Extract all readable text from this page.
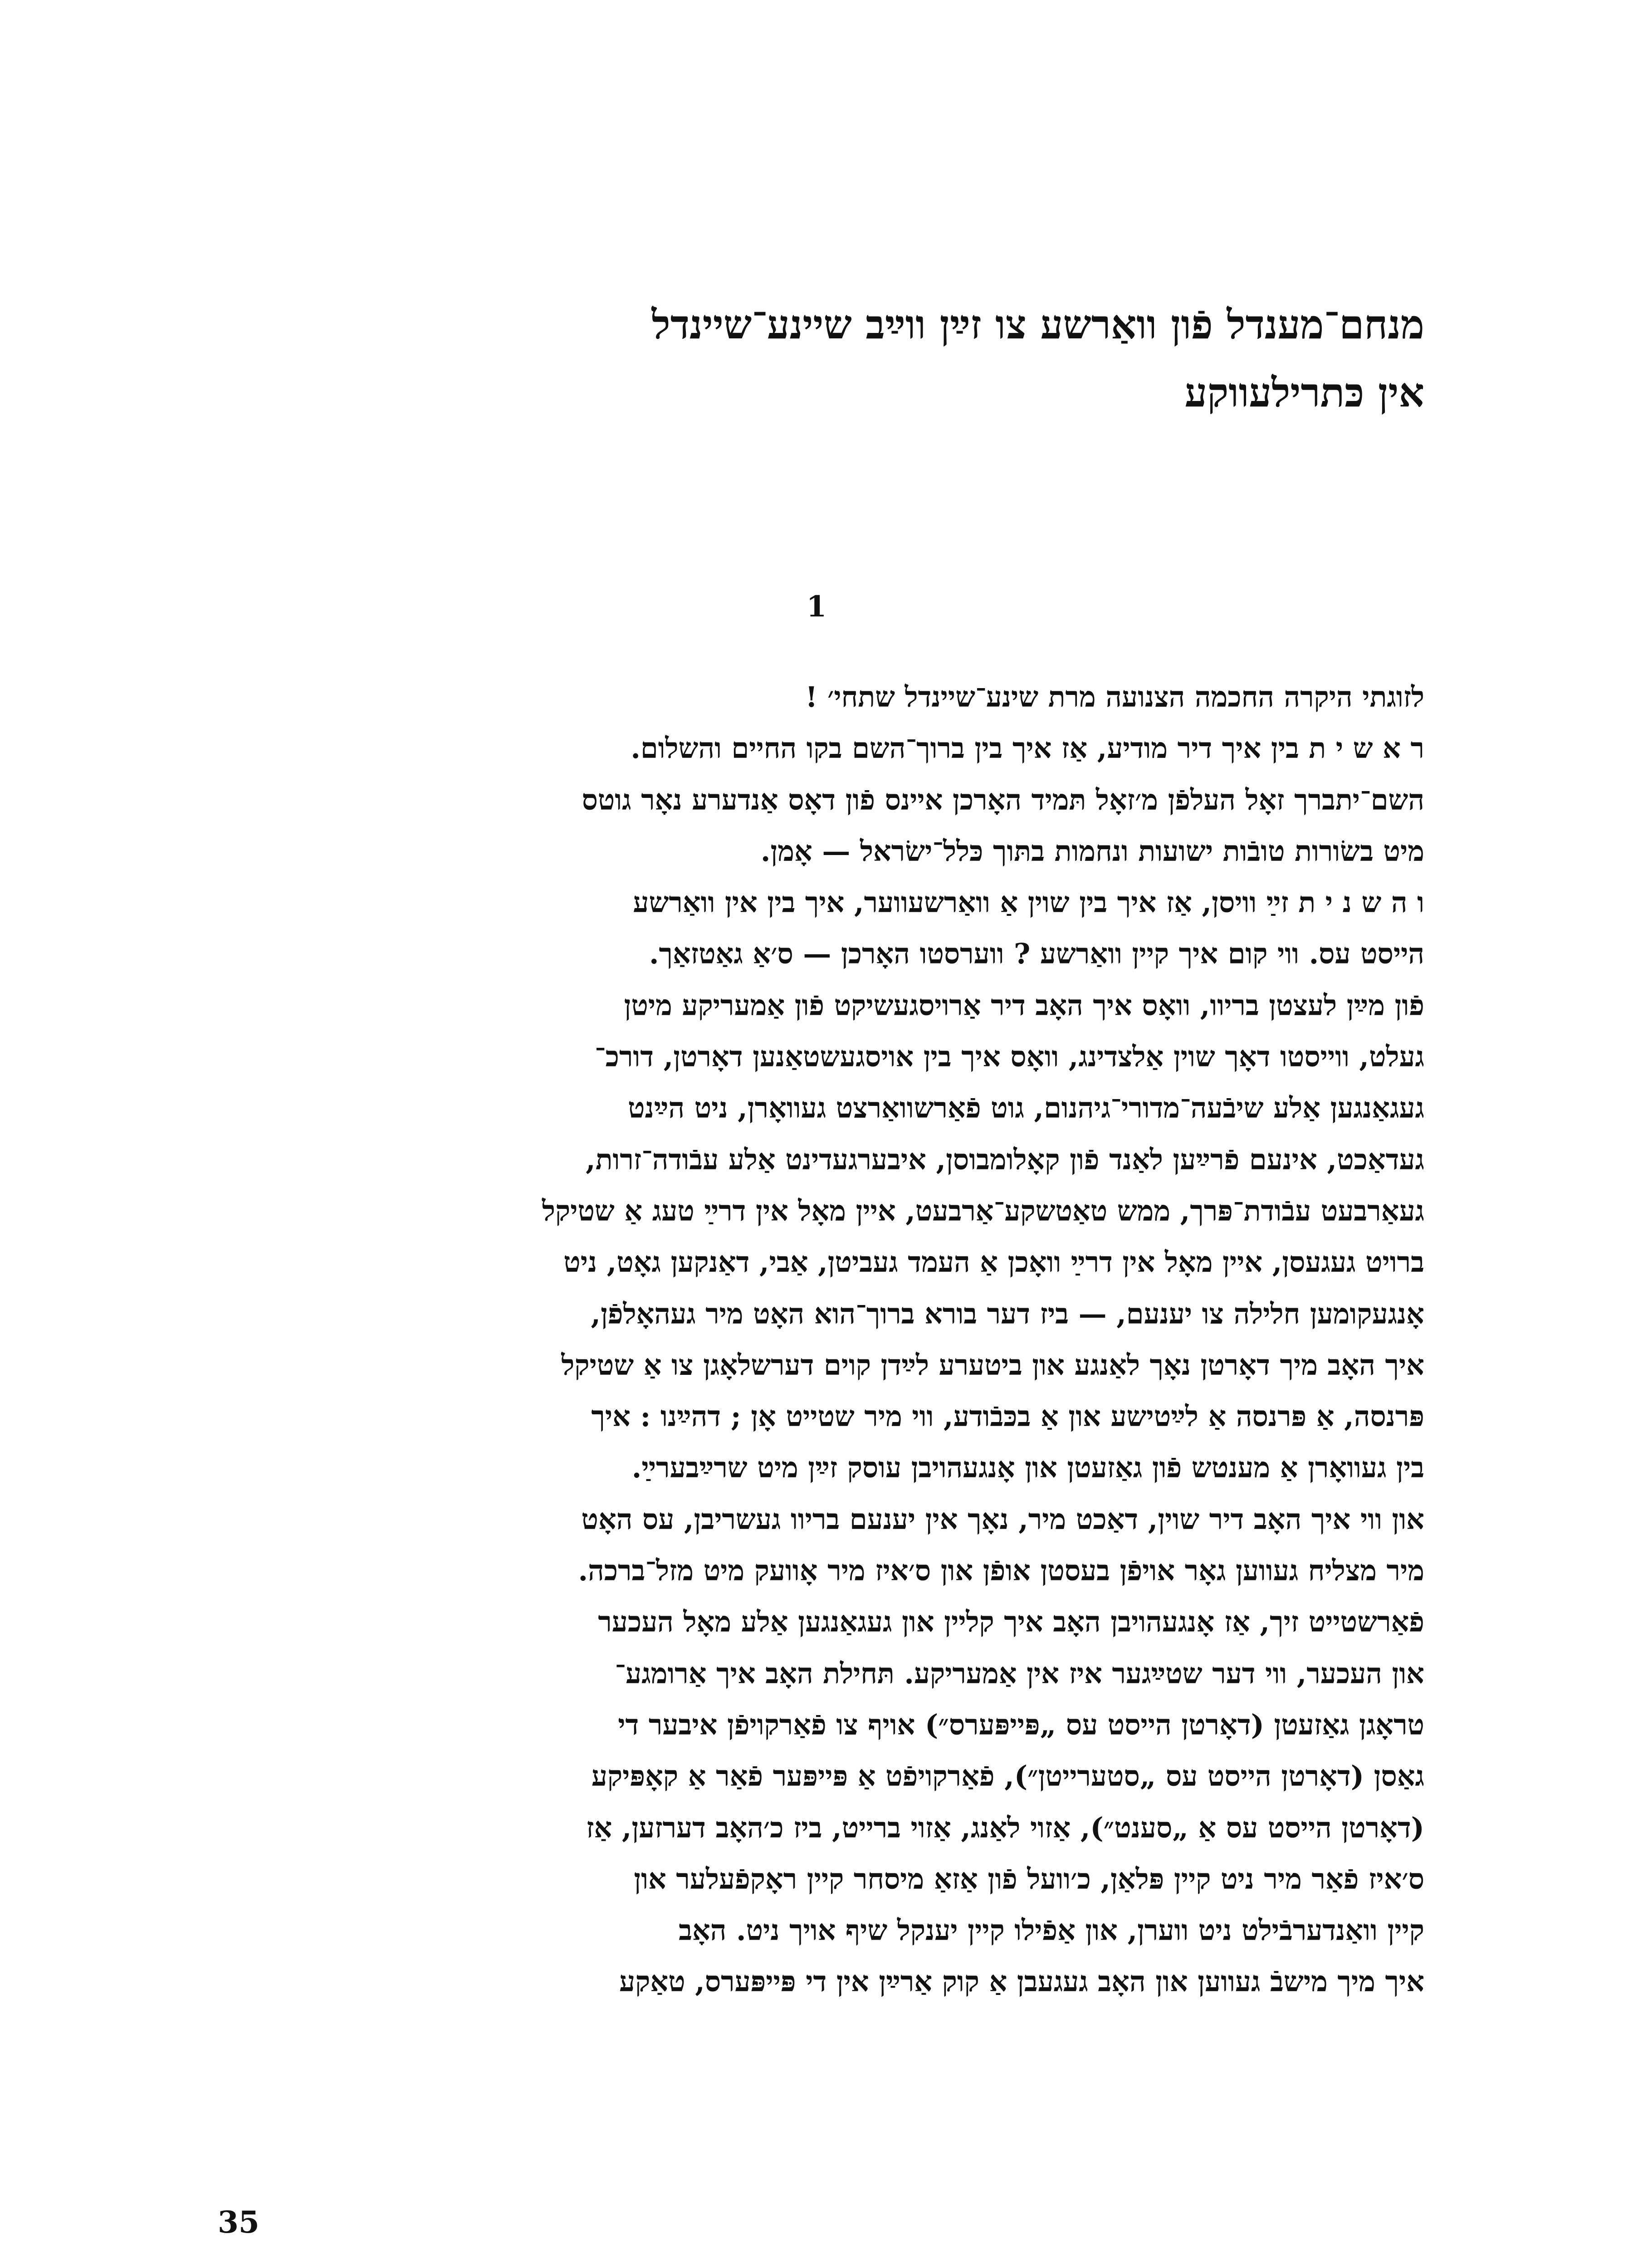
מנחם־מענדל פֿון וואַרשע צו זײַן ווײַב שיינע־שיינדל
אין כּתרילעווקע

1

לזוגתי היקרה החכמה הצנועה מרת שינע־שיינדל שתחי׳ !
ר א ש י ת בין איך דיר מודיע, אַז איך בין ברוך־השם בקו החיים והשלום.
השם־יתברך זאָל העלפֿן מ׳זאָל תּמיד האָרכן איינס פֿון דאָס אַנדערע נאָר גוטס
מיט בשׂורות טובֿות ישועות ונחמות בתּוך כּלל־ישׂראל — אָמן.
ו ה ש נ י ת זײַ וויסן, אַז איך בין שוין אַ וואַרשעווער, איך בין אין וואַרשע
הייסט עס. ווי קום איך קיין וואַרשע ? ווערסטו האָרכן — ס׳אַ גאַטזאַך.
פֿון מײַן לעצטן בריוו, וואָס איך האָב דיר אַרויסגעשיקט פֿון אַמעריקע מיטן
געלט, ווייסטו דאָך שוין אַלצדינג, וואָס איך בין אויסגעשטאַנען דאָרטן, דורכ־
געגאַנגען אַלע שיבֿעה־מדורי־גיהנום, גוט פֿאַרשוואַרצט געוואָרן, ניט הײַנט
געדאַכט, אינעם פֿרײַען לאַנד פֿון קאָלומבוסן, איבערגעדינט אַלע עבֿודה־זרות,
געאַרבעט עבֿודת־פּרך, ממש טאַטשקע־אַרבעט, איין מאָל אין דרײַ טעג אַ שטיקל
ברויט געגעסן, איין מאָל אין דרײַ וואָכן אַ העמד געביטן, אַבי, דאַנקען גאָט, ניט
אָנגעקומען חלילה צו יענעם, — ביז דער בורא ברוך־הוא האָט מיר געהאָלפֿן,
איך האָב מיך דאָרטן נאָך לאַנגע און ביטערע לײַדן קוים דערשלאָגן צו אַ שטיקל
פּרנסה, אַ פּרנסה אַ לײַטישע און אַ בכּבֿודע, ווי מיר שטייט אָן ; דהײַנו : איך
בין געוואָרן אַ מענטש פֿון גאַזעטן און אָנגעהויבן עוסק זײַן מיט שרײַבערײַ.
און ווי איך האָב דיר שוין, דאַכט מיר, נאָך אין יענעם בריוו געשריבן, עס האָט
מיר מצליח געווען גאָר אויפֿן בעסטן אופֿן און ס׳איז מיר אָוועק מיט מזל־ברכה.
פֿאַרשטייט זיך, אַז אָנגעהויבן האָב איך קליין און געגאַנגען אַלע מאָל העכער
און העכער, ווי דער שטײַגער איז אין אַמעריקע. תּחילת האָב איך אַרומגע־
טראָגן גאַזעטן (דאָרטן הייסט עס „פּייפּערס״) אויף צו פֿאַרקויפֿן איבער די
גאַסן (דאָרטן הייסט עס „סטערייטן״), פֿאַרקויפֿט אַ פּייפּער פֿאַר אַ קאָפּיקע
(דאָרטן הייסט עס אַ „סענט״), אַזוי לאַנג, אַזוי ברייט, ביז כ׳האָב דערזען, אַז
ס׳איז פֿאַר מיר ניט קיין פּלאַן, כ׳וועל פֿון אַזאַ מיסחר קיין ראָקפֿעלער און
קיין וואַנדערבֿילט ניט ווערן, און אַפֿילו קיין יענקל שיף אויך ניט. האָב
איך מיך מישבֿ געווען און האָב געגעבן אַ קוק אַרײַן אין די פּייפּערס, טאַקע

35
